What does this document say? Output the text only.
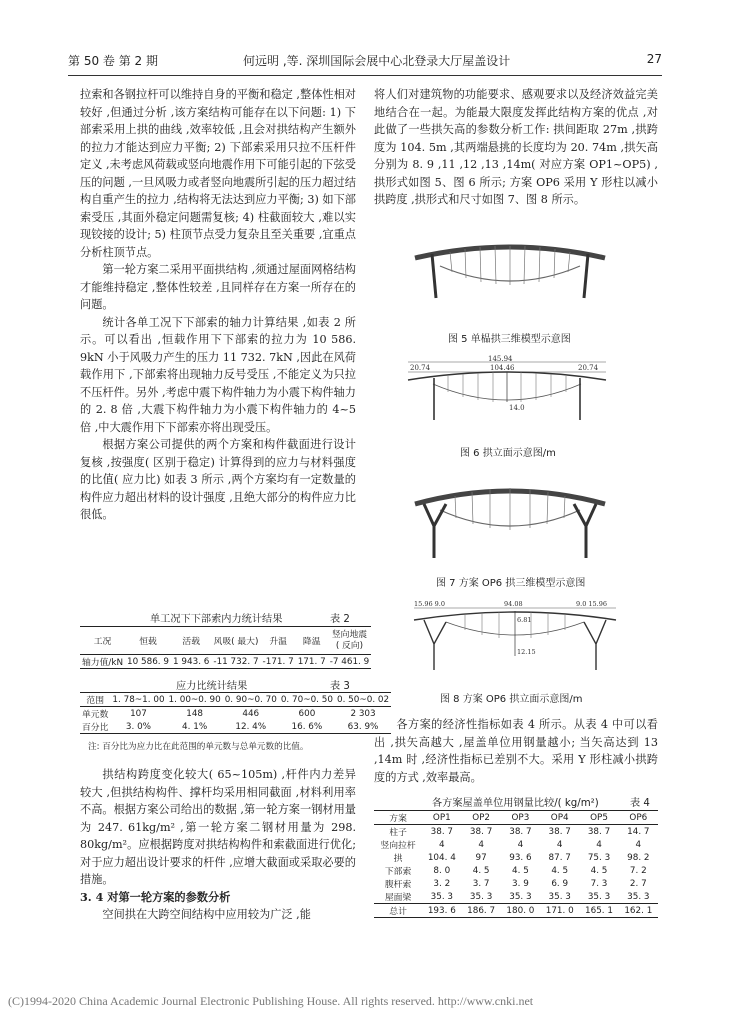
第 50 卷 第 2 期	何远明 ,等. 深圳国际会展中心北登录大厅屋盖设计	27

拉索和各钢拉杆可以维持自身的平衡和稳定 ,整体性相对较好 ,但通过分析 ,该方案结构可能存在以下问题: 1) 下部索采用上拱的曲线 ,效率较低 ,且会对拱结构产生额外的拉力才能达到应力平衡; 2) 下部索采用只拉不压杆件定义 ,未考虑风荷载或竖向地震作用下可能引起的下弦受压的问题 ,一旦风吸力或者竖向地震所引起的压力超过结构自重产生的拉力 ,结构将无法达到应力平衡; 3) 如下部索受压 ,其面外稳定问题需复核; 4) 柱截面较大 ,难以实现铰接的设计; 5) 柱顶节点受力复杂且至关重要 ,宜重点分析柱顶节点。

第一轮方案二采用平面拱结构 ,须通过屋面网格结构才能维持稳定 ,整体性较差 ,且同样存在方案一所存在的问题。

统计各单工况下下部索的轴力计算结果 ,如表 2 所示。可以看出 ,恒载作用下下部索的拉力为 10 586. 9kN 小于风吸力产生的压力 11 732. 7kN ,因此在风荷载作用下 ,下部索将出现轴力反号受压 ,不能定义为只拉不压杆件。另外 ,考虑中震下构件轴力为小震下构件轴力的 2. 8 倍 ,大震下构件轴力为小震下构件轴力的 4~5 倍 ,中大震作用下下部索亦将出现受压。

根据方案公司提供的两个方案和构件截面进行设计复核 ,按强度( 区别于稳定) 计算得到的应力与材料强度的比值( 应力比) 如表 3 所示 ,两个方案均有一定数量的构件应力超出材料的设计强度 ,且绝大部分的构件应力比很低。

单工况下下部索内力统计结果	表 2
工况	恒载	活载	风吸( 最大)	升温	降温	竖向地震
( 反向)
轴力值/kN	10 586. 9	1 943. 6	-11 732. 7	-171. 7	171. 7	-7 461. 9
应力比统计结果	表 3
范围	1. 78~1. 00	1. 00~0. 90	0. 90~0. 70	0. 70~0. 50	0. 50~0. 02
单元数	107	148	446	600	2 303
百分比	3. 0%	4. 1%	12. 4%	16. 6%	63. 9%
注: 百分比为应力比在此范围的单元数与总单元数的比值。

拱结构跨度变化较大( 65~105m) ,杆件内力差异较大 ,但拱结构构件、撑杆均采用相同截面 ,材料利用率不高。根据方案公司给出的数据 ,第一轮方案一钢材用量为 247. 61kg/m² ,第一轮方案二钢材用量为 298. 80kg/m²。应根据跨度对拱结构构件和索截面进行优化; 对于应力超出设计要求的杆件 ,应增大截面或采取必要的措施。

3. 4 对第一轮方案的参数分析

空间拱在大跨空间结构中应用较为广泛 ,能

将人们对建筑物的功能要求、感观要求以及经济效益完美地结合在一起。为能最大限度发挥此结构方案的优点 ,对此做了一些拱矢高的参数分析工作: 拱间距取 27m ,拱跨度为 104. 5m ,其两端悬挑的长度均为 20. 74m ,拱矢高分别为 8. 9 ,11 ,12 ,13 ,14m( 对应方案 OP1~OP5) ,拱形式如图 5、图 6 所示; 方案 OP6 采用 Y 形柱以减小拱跨度 ,拱形式和尺寸如图 7、图 8 所示。

图 5 单榀拱三维模型示意图
145.94
20.74	104.46	20.74
14.0
图 6 拱立面示意图/m
图 7 方案 OP6 拱三维模型示意图
15.96 9.0	94.08	9.0 15.96
6.81
12.15
图 8 方案 OP6 拱立面示意图/m

各方案的经济性指标如表 4 所示。从表 4 中可以看出 ,拱矢高越大 ,屋盖单位用钢量越小; 当矢高达到 13 ,14m 时 ,经济性指标已差别不大。采用 Y 形柱减小拱跨度的方式 ,效率最高。

各方案屋盖单位用钢量比较/( kg/m²)	表 4
方案	OP1	OP2	OP3	OP4	OP5	OP6
柱子	38. 7	38. 7	38. 7	38. 7	38. 7	14. 7
竖向拉杆	4	4	4	4	4	4
拱	104. 4	97	93. 6	87. 7	75. 3	98. 2
下部索	8. 0	4. 5	4. 5	4. 5	4. 5	7. 2
腹杆索	3. 2	3. 7	3. 9	6. 9	7. 3	2. 7
屋面梁	35. 3	35. 3	35. 3	35. 3	35. 3	35. 3
总计	193. 6	186. 7	180. 0	171. 0	165. 1	162. 1
(C)1994-2020 China Academic Journal Electronic Publishing House. All rights reserved. http://www.cnki.net
